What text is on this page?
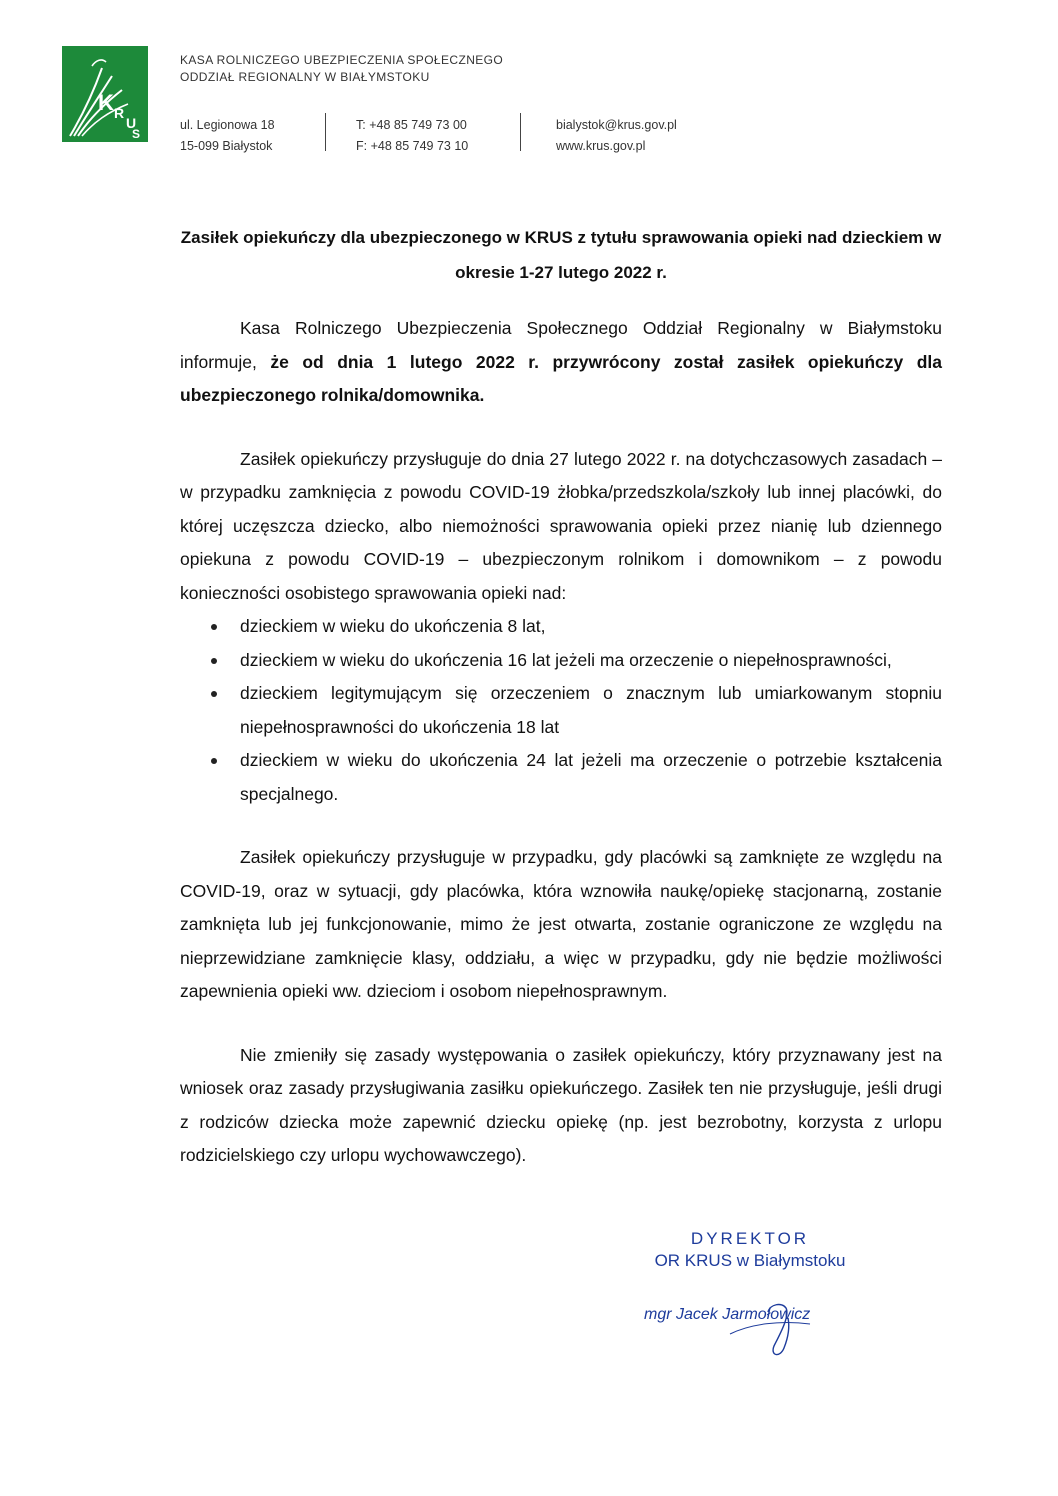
K R
U
S
KASA ROLNICZEGO UBEZPIECZENIA SPOŁECZNEGO
ODDZIAŁ REGIONALNY W BIAŁYMSTOKU
ul. Legionowa 18
15-099 Białystok
T: +48 85 749 73 00
F: +48 85 749 73 10
bialystok@krus.gov.pl
www.krus.gov.pl
Zasiłek opiekuńczy dla ubezpieczonego w KRUS z tytułu sprawowania opieki nad dzieckiem w okresie 1-27 lutego 2022 r.

Kasa Rolniczego Ubezpieczenia Społecznego Oddział Regionalny w Białymstoku informuje, że od dnia 1 lutego 2022 r. przywrócony został zasiłek opiekuńczy dla ubezpieczonego rolnika/domownika.

Zasiłek opiekuńczy przysługuje do dnia 27 lutego 2022 r. na dotychczasowych zasadach – w przypadku zamknięcia z powodu COVID-19 żłobka/przedszkola/szkoły lub innej placówki, do której uczęszcza dziecko, albo niemożności sprawowania opieki przez nianię lub dziennego opiekuna z powodu COVID-19 – ubezpieczonym rolnikom i domownikom – z powodu konieczności osobistego sprawowania opieki nad:

dzieckiem w wieku do ukończenia 8 lat,
dzieckiem w wieku do ukończenia 16 lat jeżeli ma orzeczenie o niepełnosprawności,
dzieckiem legitymującym się orzeczeniem o znacznym lub umiarkowanym stopniu niepełnosprawności do ukończenia 18 lat
dzieckiem w wieku do ukończenia 24 lat jeżeli ma orzeczenie o potrzebie kształcenia specjalnego.

Zasiłek opiekuńczy przysługuje w przypadku, gdy placówki są zamknięte ze względu na COVID-19, oraz w sytuacji, gdy placówka, która wznowiła naukę/opiekę stacjonarną, zostanie zamknięta lub jej funkcjonowanie, mimo że jest otwarta, zostanie ograniczone ze względu na nieprzewidziane zamknięcie klasy, oddziału, a więc w przypadku, gdy nie będzie możliwości zapewnienia opieki ww. dzieciom i osobom niepełnosprawnym.

Nie zmieniły się zasady występowania o zasiłek opiekuńczy, który przyznawany jest na wniosek oraz zasady przysługiwania zasiłku opiekuńczego. Zasiłek ten nie przysługuje, jeśli drugi z rodziców dziecka może zapewnić dziecku opiekę (np. jest bezrobotny, korzysta z urlopu rodzicielskiego czy urlopu wychowawczego).

DYREKTOR
OR KRUS w Białymstoku
mgr Jacek Jarmołowicz
